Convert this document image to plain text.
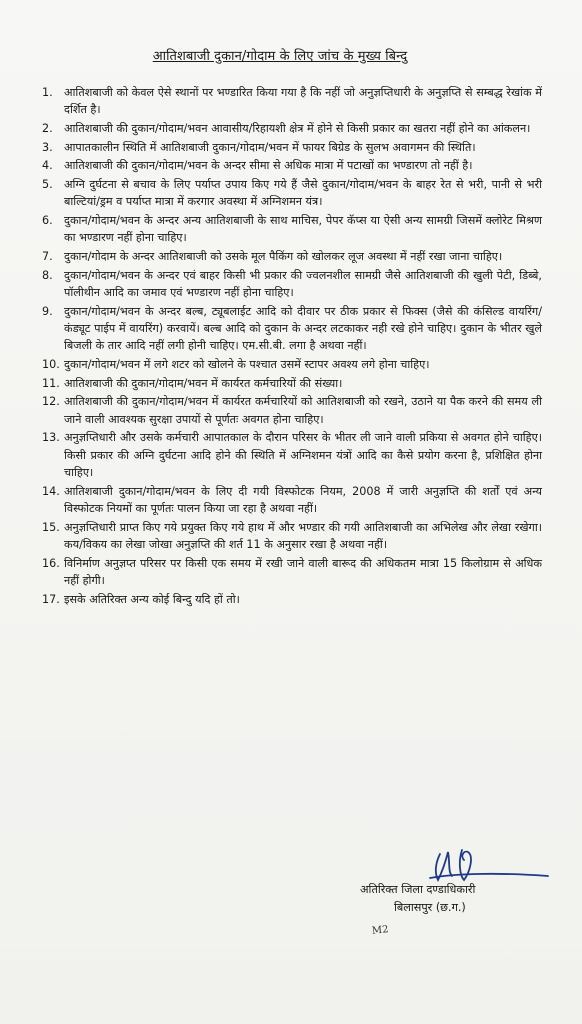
आतिशबाजी दुकान/गोदाम के लिए जांच के मुख्य बिन्दु
1.	आतिशबाजी को केवल ऐसे स्थानों पर भण्डारित किया गया है कि नहीं जो अनुज्ञप्तिधारी के अनुज्ञप्ति से सम्बद्ध रेखांक में दर्शित है।
2.	आतिशबाजी की दुकान/गोदाम/भवन आवासीय/रिहायशी क्षेत्र में होने से किसी प्रकार का खतरा नहीं होने का आंकलन।
3.	आपातकालीन स्थिति में आतिशबाजी दुकान/गोदाम/भवन में फायर बिग्रेड के सुलभ अवागमन की स्थिति।
4.	आतिशबाजी की दुकान/गोदाम/भवन के अन्दर सीमा से अधिक मात्रा में पटाखों का भण्डारण तो नहीं है।
5.	अग्नि दुर्घटना से बचाव के लिए पर्याप्त उपाय किए गये हैं जैसे दुकान/गोदाम/भवन के बाहर रेत से भरी, पानी से भरी बाल्टियां/ड्रम व पर्याप्त मात्रा में करगार अवस्था में अग्निशमन यंत्र।
6.	दुकान/गोदाम/भवन के अन्दर अन्य आतिशबाजी के साथ माचिस, पेपर कॅप्स या ऐसी अन्य सामग्री जिसमें क्लोरेट मिश्रण का भण्डारण नहीं होना चाहिए।
7.	दुकान/गोदाम के अन्दर आतिशबाजी को उसके मूल पैकिंग को खोलकर लूज अवस्था में नहीं रखा जाना चाहिए।
8.	दुकान/गोदाम/भवन के अन्दर एवं बाहर किसी भी प्रकार की ज्वलनशील सामग्री जैसे आतिशबाजी की खुली पेटी, डिब्बे, पॉलीथीन आदि का जमाव एवं भण्डारण नहीं होना चाहिए।
9.	दुकान/गोदाम/भवन के अन्दर बल्ब, ट्यूबलाईट आदि को दीवार पर ठीक प्रकार से फिक्स (जैसे की कंसिल्ड वायरिंग/कंड्यूट पाईप में वायरिंग) करवायें। बल्ब आदि को दुकान के अन्दर लटकाकर नही रखे होने चाहिए। दुकान के भीतर खुले बिजली के तार आदि नहीं लगी होनी चाहिए। एम.सी.बी. लगा है अथवा नहीं।
10. दुकान/गोदाम/भवन में लगे शटर को खोलने के पश्चात उसमें स्टापर अवश्य लगे होना चाहिए।
11. आतिशबाजी की दुकान/गोदाम/भवन में कार्यरत कर्मचारियों की संख्या।
12. आतिशबाजी की दुकान/गोदाम/भवन में कार्यरत कर्मचारियों को आतिशबाजी को रखने, उठाने या पैक करने की समय ली जाने वाली आवश्यक सुरक्षा उपायों से पूर्णतः अवगत होना चाहिए।
13. अनुज्ञप्तिधारी और उसके कर्मचारी आपातकाल के दौरान परिसर के भीतर ली जाने वाली प्रकिया से अवगत होने चाहिए। किसी प्रकार की अग्नि दुर्घटना आदि होने की स्थिति में अग्निशमन यंत्रों आदि का कैसे प्रयोग करना है, प्रशिक्षित होना चाहिए।
14. आतिशबाजी दुकान/गोदाम/भवन के लिए दी गयी विस्फोटक नियम, 2008 में जारी अनुज्ञप्ति की शर्तों एवं अन्य विस्फोटक नियमों का पूर्णतः पालन किया जा रहा है अथवा नहीं।
15. अनुज्ञप्तिधारी प्राप्त किए गये प्रयुक्त किए गये हाथ में और भण्डार की गयी आतिशबाजी का अभिलेख और लेखा रखेगा। कय/विकय का लेखा जोखा अनुज्ञप्ति की शर्त 11 के अनुसार रखा है अथवा नहीं।
16. विनिर्माण अनुज्ञप्त परिसर पर किसी एक समय में रखी जाने वाली बारूद की अधिकतम मात्रा 15 किलोग्राम से अधिक नहीं होगी।
17. इसके अतिरिक्त अन्य कोई बिन्दु यदि हों तो।
अतिरिक्त जिला दण्डाधिकारी
बिलासपुर (छ.ग.)
M2
